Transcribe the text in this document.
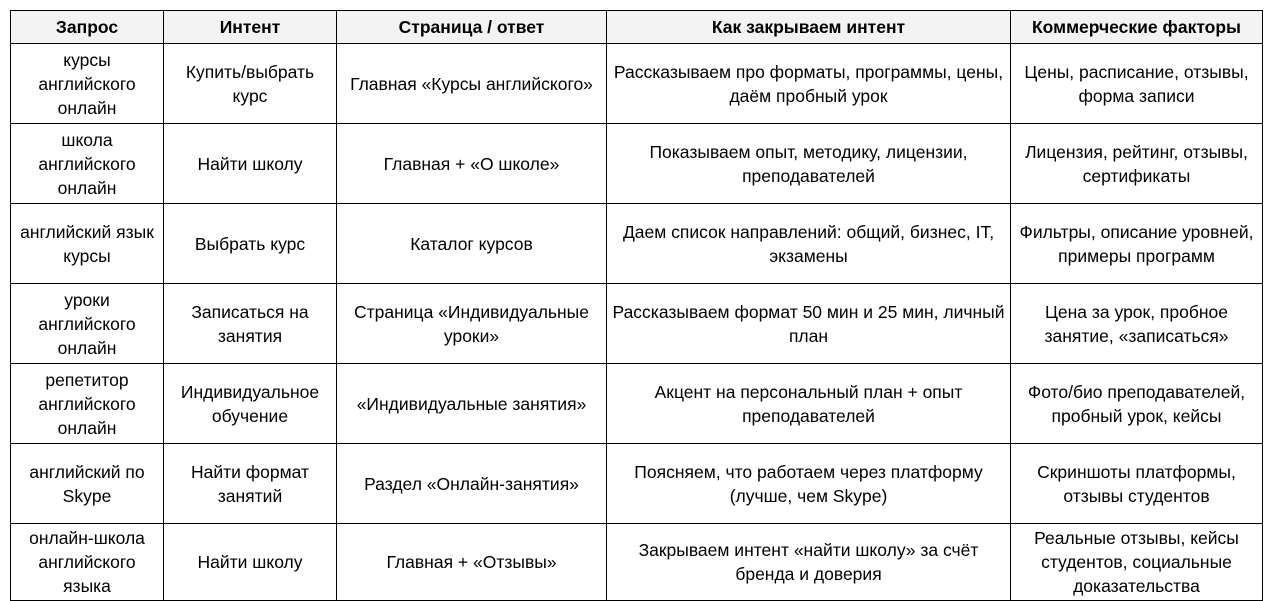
Запрос	Интент	Страница / ответ	Как закрываем интент	Коммерческие факторы
курсы английского онлайн	Купить/выбрать курс	Главная «Курсы английского»	Рассказываем про форматы, программы, цены, даём пробный урок	Цены, расписание, отзывы, форма записи
школа английского онлайн	Найти школу	Главная + «О школе»	Показываем опыт, методику, лицензии, преподавателей	Лицензия, рейтинг, отзывы, сертификаты
английский язык курсы	Выбрать курс	Каталог курсов	Даем список направлений: общий, бизнес, IT, экзамены	Фильтры, описание уровней, примеры программ
уроки английского онлайн	Записаться на занятия	Страница «Индивидуальные уроки»	Рассказываем формат 50 мин и 25 мин, личный план	Цена за урок, пробное занятие, «записаться»
репетитор английского онлайн	Индивидуальное обучение	«Индивидуальные занятия»	Акцент на персональный план + опыт преподавателей	Фото/био преподавателей, пробный урок, кейсы
английский по Skype	Найти формат занятий	Раздел «Онлайн-занятия»	Поясняем, что работаем через платформу (лучше, чем Skype)	Скриншоты платформы, отзывы студентов
онлайн-школа английского языка	Найти школу	Главная + «Отзывы»	Закрываем интент «найти школу» за счёт бренда и доверия	Реальные отзывы, кейсы студентов, социальные доказательства
